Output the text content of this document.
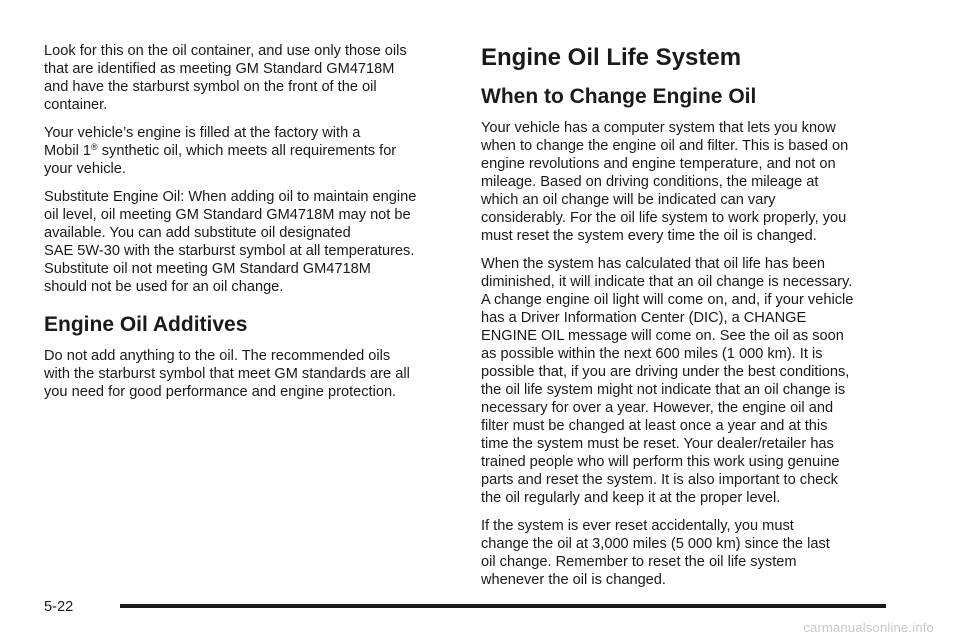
Look for this on the oil container, and use only those oils
that are identified as meeting GM Standard GM4718M
and have the starburst symbol on the front of the oil
container.

Your vehicle’s engine is filled at the factory with a
Mobil 1® synthetic oil, which meets all requirements for
your vehicle.

Substitute Engine Oil: When adding oil to maintain engine
oil level, oil meeting GM Standard GM4718M may not be
available. You can add substitute oil designated
SAE 5W-30 with the starburst symbol at all temperatures.
Substitute oil not meeting GM Standard GM4718M
should not be used for an oil change.

Engine Oil Additives

Do not add anything to the oil. The recommended oils
with the starburst symbol that meet GM standards are all
you need for good performance and engine protection.

Engine Oil Life System
When to Change Engine Oil

Your vehicle has a computer system that lets you know
when to change the engine oil and filter. This is based on
engine revolutions and engine temperature, and not on
mileage. Based on driving conditions, the mileage at
which an oil change will be indicated can vary
considerably. For the oil life system to work properly, you
must reset the system every time the oil is changed.

When the system has calculated that oil life has been
diminished, it will indicate that an oil change is necessary.
A change engine oil light will come on, and, if your vehicle
has a Driver Information Center (DIC), a CHANGE
ENGINE OIL message will come on. See the oil as soon
as possible within the next 600 miles (1 000 km). It is
possible that, if you are driving under the best conditions,
the oil life system might not indicate that an oil change is
necessary for over a year. However, the engine oil and
filter must be changed at least once a year and at this
time the system must be reset. Your dealer/retailer has
trained people who will perform this work using genuine
parts and reset the system. It is also important to check
the oil regularly and keep it at the proper level.

If the system is ever reset accidentally, you must
change the oil at 3,000 miles (5 000 km) since the last
oil change. Remember to reset the oil life system
whenever the oil is changed.

5-22
carmanualsonline.info
